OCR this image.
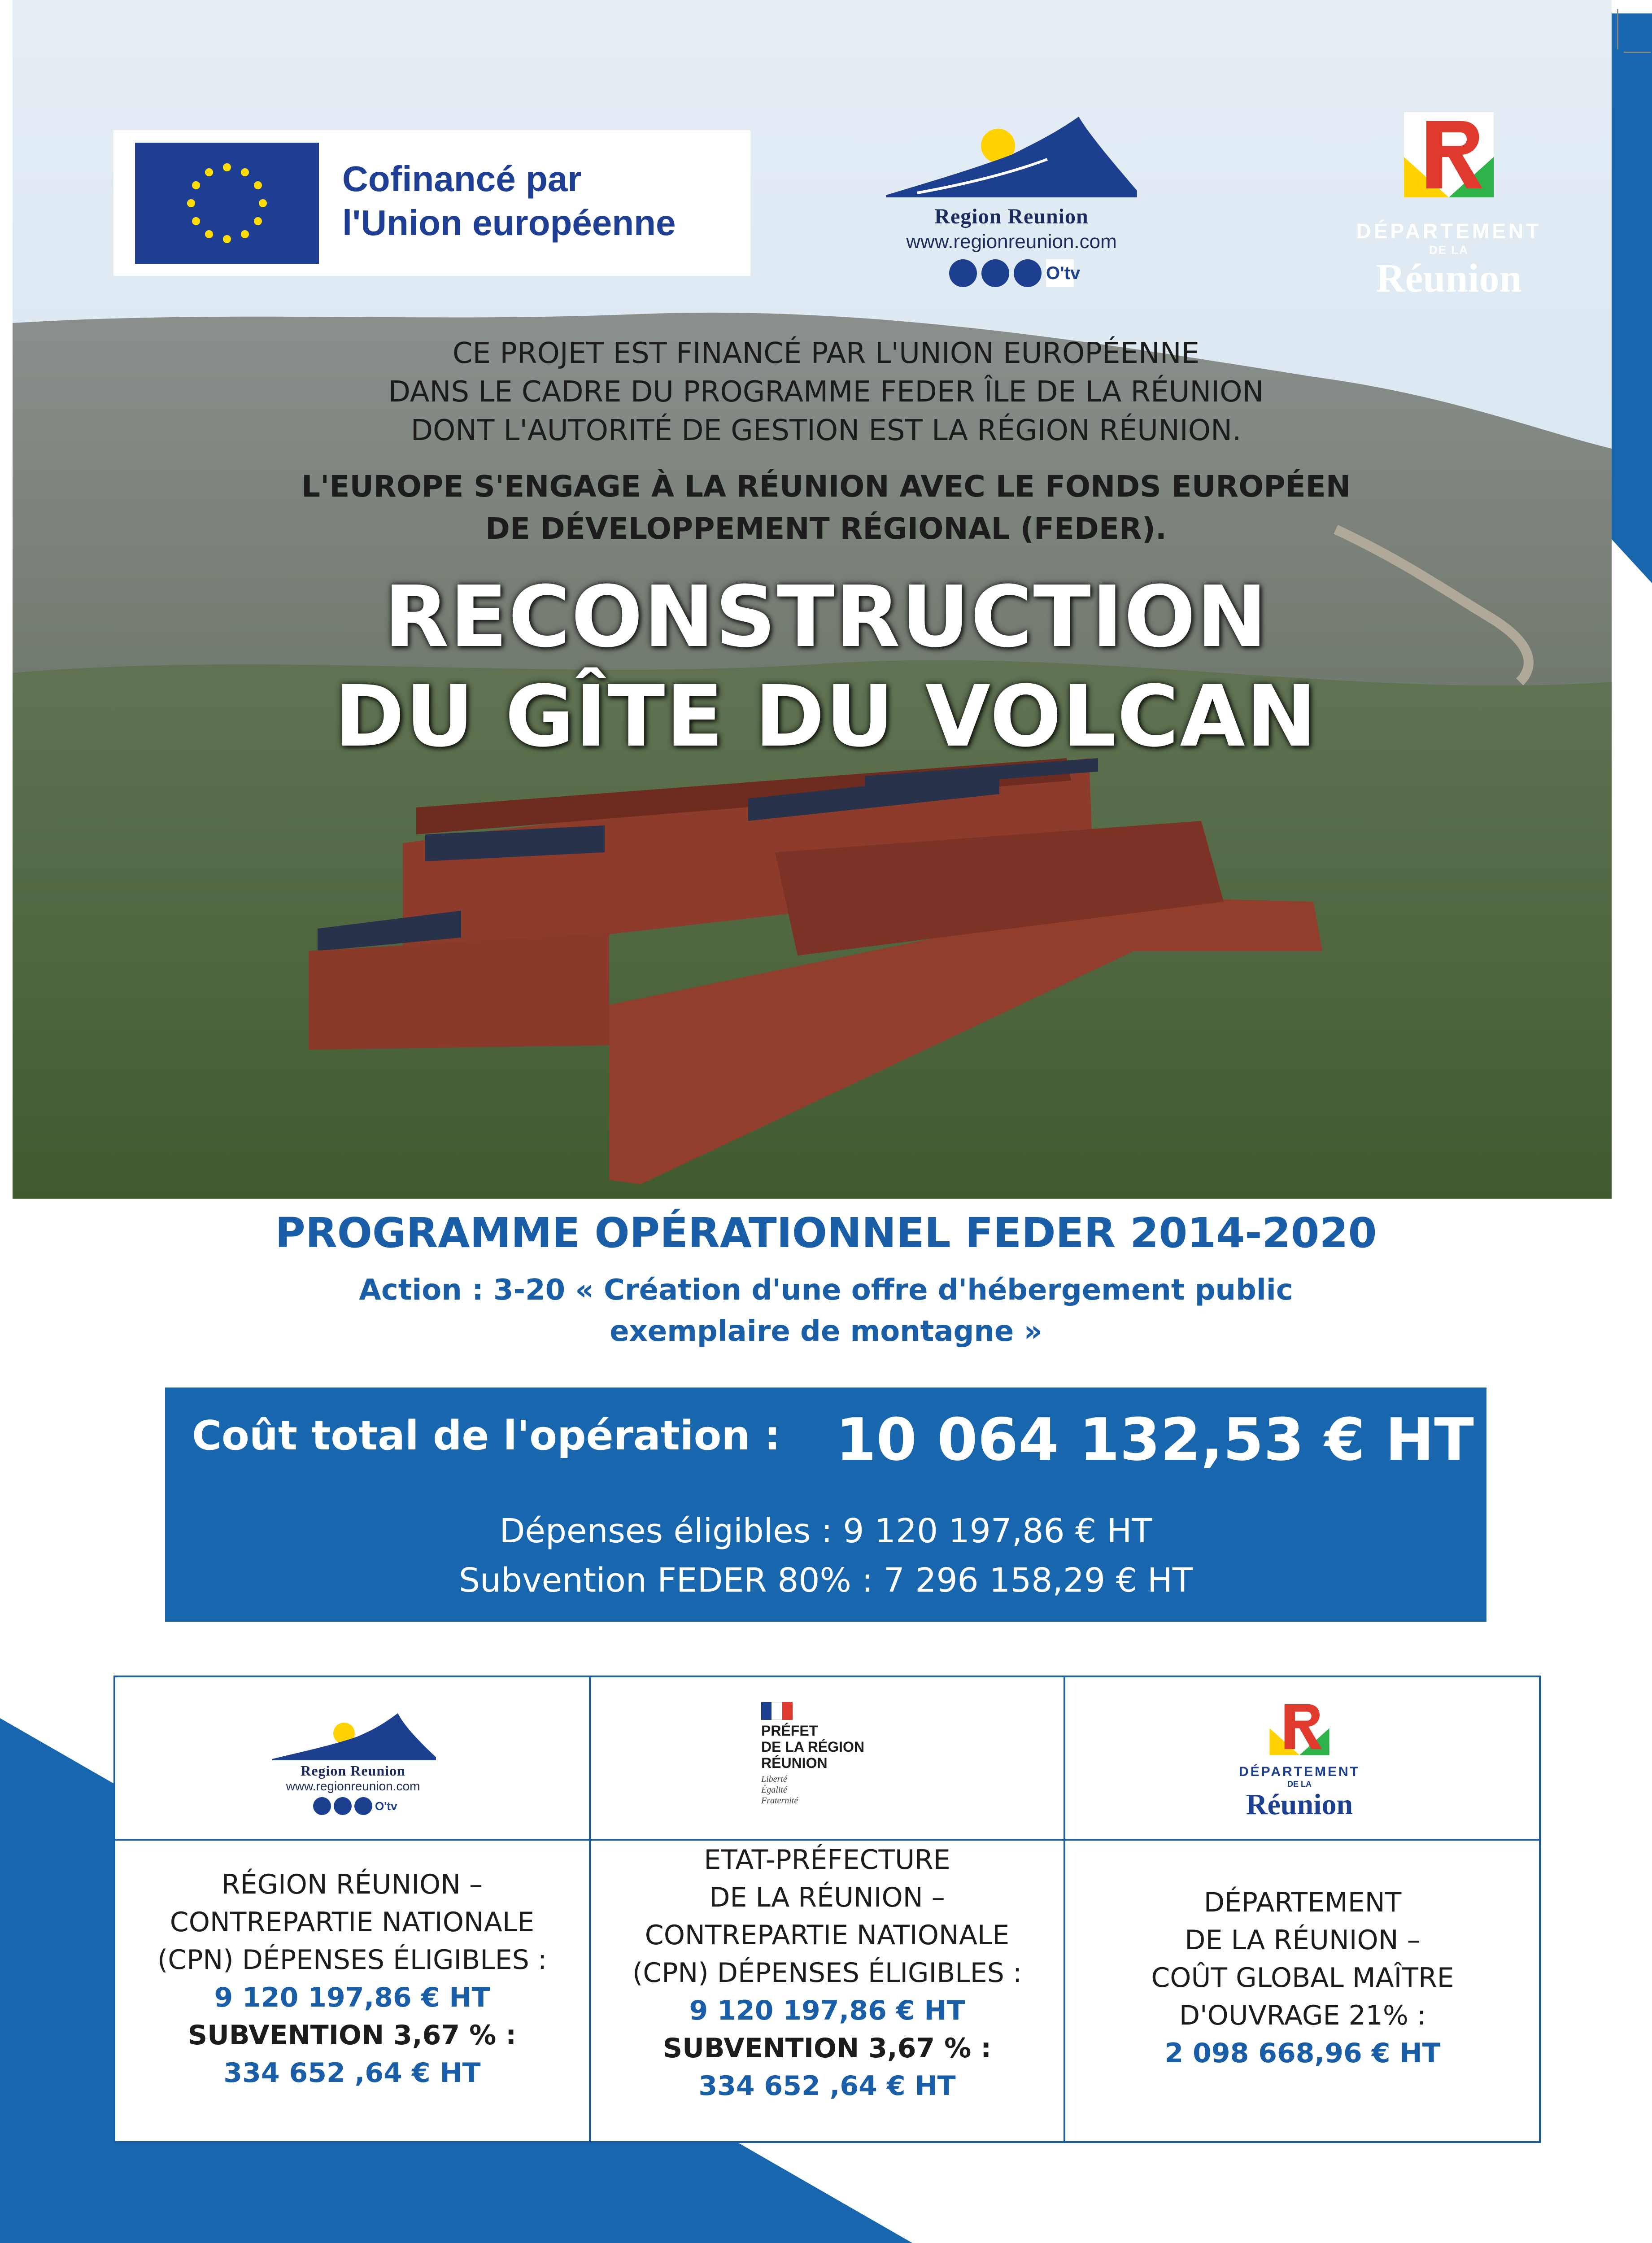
Cofinancé par
l'Union européenne	Region Reunion
www.regionreunion.com
O'tv
DÉPARTEMENT
DE LA
Réunion
CE PROJET EST FINANCÉ PAR L'UNION EUROPÉENNE
DANS LE CADRE DU PROGRAMME FEDER ÎLE DE LA RÉUNION
DONT L'AUTORITÉ DE GESTION EST LA RÉGION RÉUNION.
L'EUROPE S'ENGAGE À LA RÉUNION AVEC LE FONDS EUROPÉEN
DE DÉVELOPPEMENT RÉGIONAL (FEDER).
RECONSTRUCTION
DU GÎTE DU VOLCAN
PROGRAMME OPÉRATIONNEL FEDER 2014-2020
Action : 3-20 « Création d'une offre d'hébergement public
exemplaire de montagne »
Coût total de l'opération : 10 064 132,53 € HT
Dépenses éligibles : 9 120 197,86 € HT
Subvention FEDER 80% : 7 296 158,29 € HT
Region Reunion
www.regionreunion.com
O'tv
PRÉFET
DE LA RÉGION
RÉUNION
Liberté
Égalité
Fraternité
DÉPARTEMENT
DE LA
Réunion
RÉGION RÉUNION –
CONTREPARTIE NATIONALE
(CPN) DÉPENSES ÉLIGIBLES :
9 120 197,86 € HT
SUBVENTION 3,67 % :
334 652 ,64 € HT
ETAT-PRÉFECTURE
DE LA RÉUNION –
CONTREPARTIE NATIONALE
(CPN) DÉPENSES ÉLIGIBLES :
9 120 197,86 € HT
SUBVENTION 3,67 % :
334 652 ,64 € HT
DÉPARTEMENT
DE LA RÉUNION –
COÛT GLOBAL MAÎTRE
D'OUVRAGE 21% :
2 098 668,96 € HT
